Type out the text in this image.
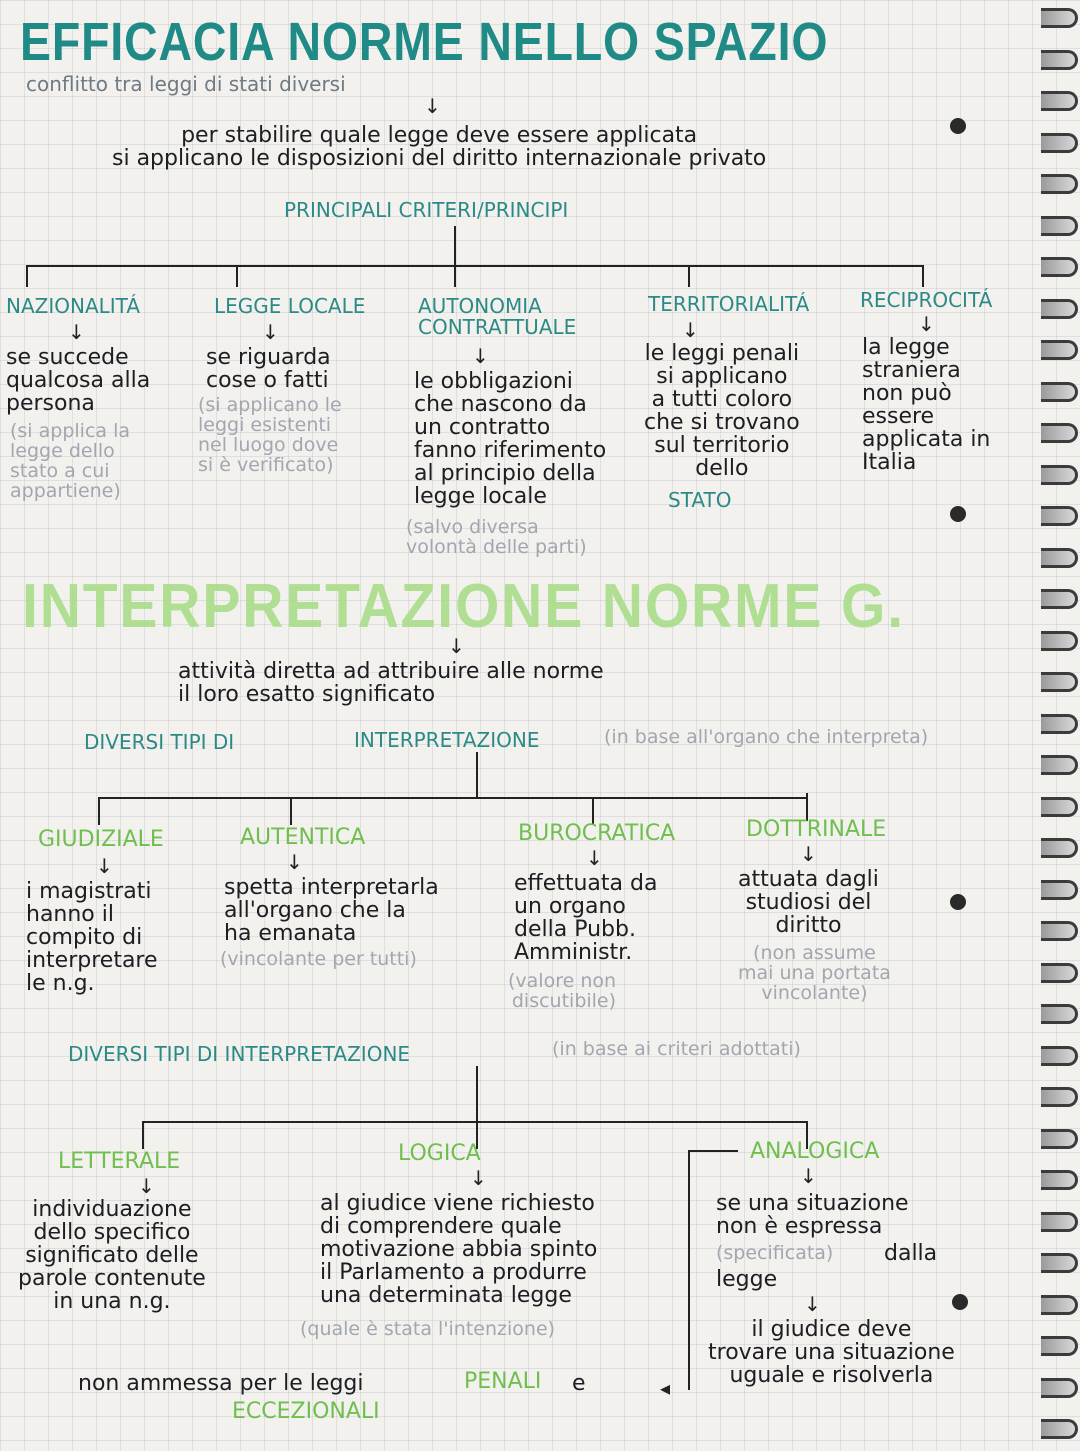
EFFICACIA NORME NELLO SPAZIO
conflitto tra leggi di stati diversi
↓
per stabilire quale legge deve essere applicata
si applicano le disposizioni del diritto internazionale privato
PRINCIPALI CRITERI/PRINCIPI
NAZIONALITÁ
↓
se succede
qualcosa alla
persona
(si applica la
legge dello
stato a cui
appartiene)
LEGGE LOCALE
↓
se riguarda
cose o fatti
(si applicano le
leggi esistenti
nel luogo dove
si è verificato)
AUTONOMIA
CONTRATTUALE
↓
le obbligazioni
che nascono da
un contratto
fanno riferimento
al principio della
legge locale
(salvo diversa
volontà delle parti)
TERRITORIALITÁ
↓
le leggi penali
si applicano
a tutti coloro
che si trovano
sul territorio
dello
STATO
RECIPROCITÁ
↓
la legge
straniera
non può
essere
applicata in
Italia
INTERPRETAZIONE NORME G.
↓
attività diretta ad attribuire alle norme
il loro esatto significato
DIVERSI TIPI DI	INTERPRETAZIONE	(in base all'organo che interpreta)
GIUDIZIALE
↓
i magistrati
hanno il
compito di
interpretare
le n.g.
AUTENTICA
↓
spetta interpretarla
all'organo che la
ha emanata
(vincolante per tutti)
BUROCRATICA
↓
effettuata da
un organo
della Pubb.
Amministr.
(valore non
discutibile)
DOTTRINALE
↓
attuata dagli
studiosi del
diritto
(non assume
mai una portata
vincolante)
DIVERSI TIPI DI INTERPRETAZIONE	(in base ai criteri adottati)
LETTERALE
↓
individuazione
dello specifico
significato delle
parole contenute
in una n.g.
LOGICA
↓
al giudice viene richiesto
di comprendere quale
motivazione abbia spinto
il Parlamento a produrre
una determinata legge
(quale è stata l'intenzione)
ANALOGICA
↓
se una situazione
non è espressa
(specificata) dalla
legge
↓
il giudice deve
trovare una situazione
uguale e risolverla
◂
non ammessa per le leggi	PENALI e
ECCEZIONALI
